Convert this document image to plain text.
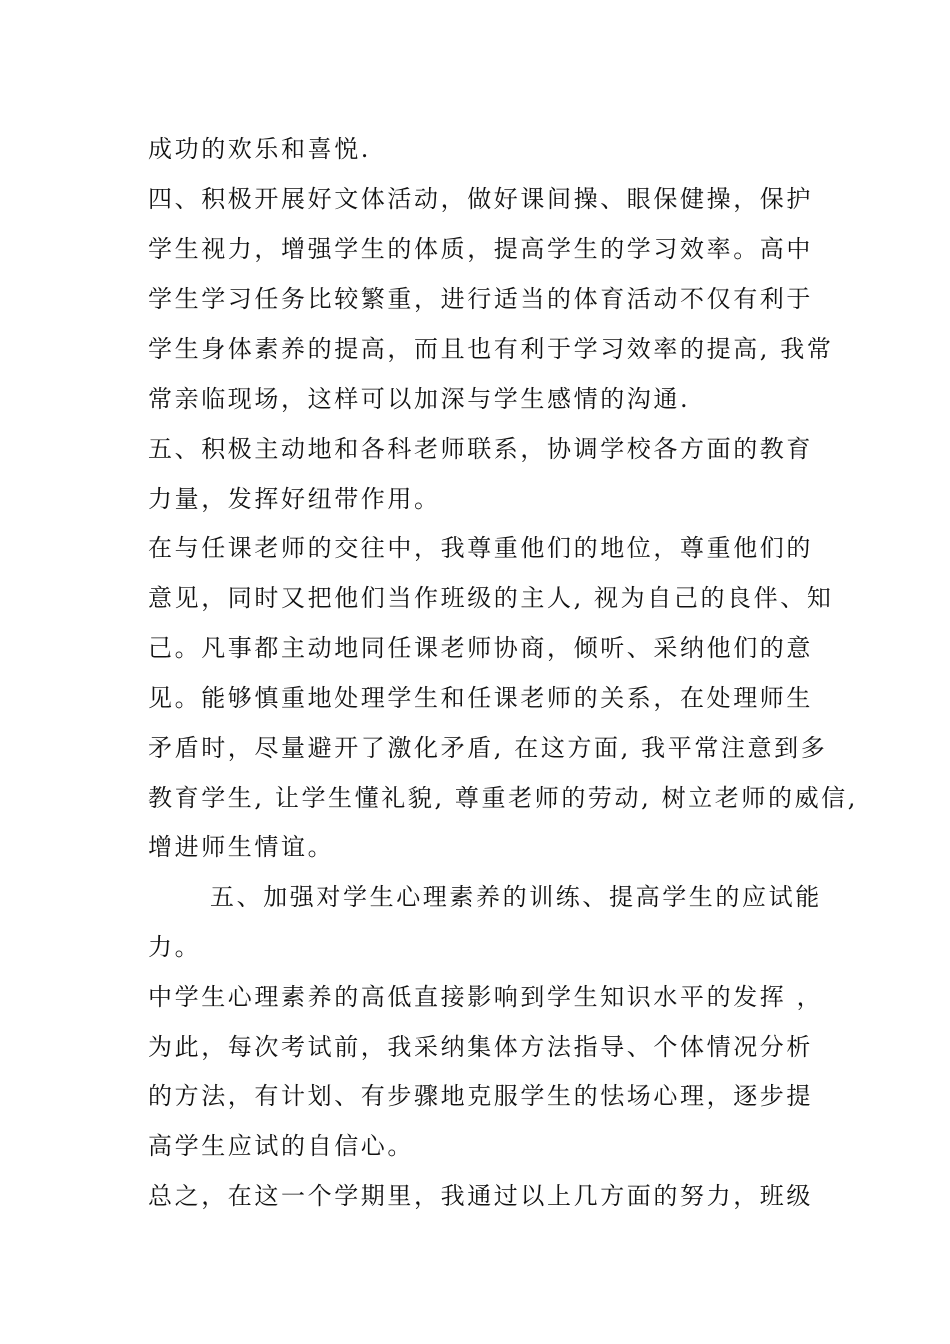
成功的欢乐和喜悦.
四、积极开展好文体活动，做好课间操、眼保健操，保护
学生视力，增强学生的体质，提高学生的学习效率。高中
学生学习任务比较繁重，进行适当的体育活动不仅有利于
学生身体素养的提高，而且也有利于学习效率的提高, 我常
常亲临现场，这样可以加深与学生感情的沟通.
五、积极主动地和各科老师联系，协调学校各方面的教育
力量，发挥好纽带作用。
在与任课老师的交往中，我尊重他们的地位，尊重他们的
意见，同时又把他们当作班级的主人, 视为自己的良伴、知
己。凡事都主动地同任课老师协商，倾听、采纳他们的意
见。能够慎重地处理学生和任课老师的关系，在处理师生
矛盾时，尽量避开了激化矛盾, 在这方面, 我平常注意到多
教育学生, 让学生懂礼貌, 尊重老师的劳动, 树立老师的威信,
增进师生情谊。
五、加强对学生心理素养的训练、提高学生的应试能
力。
中学生心理素养的高低直接影响到学生知识水平的发挥 ，
为此，每次考试前，我采纳集体方法指导、个体情况分析
的方法，有计划、有步骤地克服学生的怯场心理，逐步提
高学生应试的自信心。
总之，在这一个学期里，我通过以上几方面的努力，班级
